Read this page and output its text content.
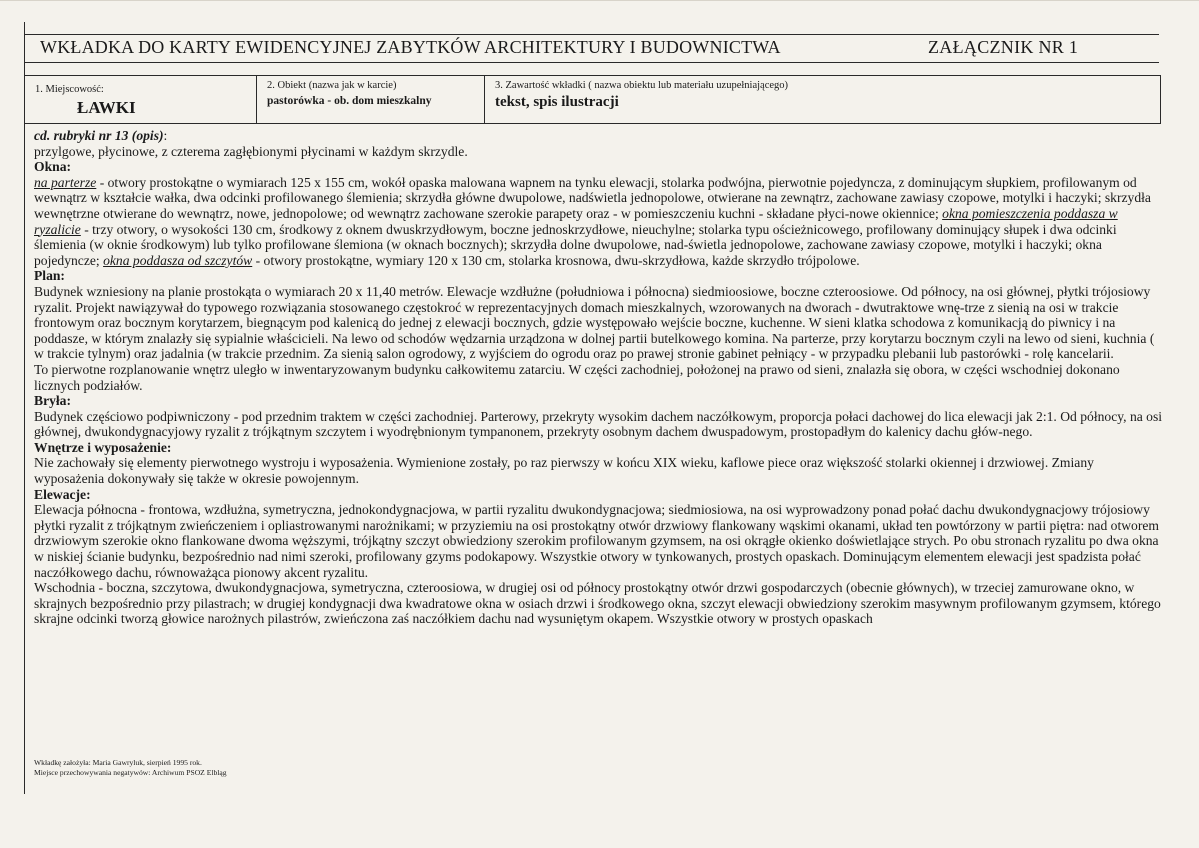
WKŁADKA DO KARTY EWIDENCYJNEJ ZABYTKÓW ARCHITEKTURY I BUDOWNICTWA	ZAŁĄCZNIK NR 1
1. Miejscowość:
ŁAWKI
2. Obiekt (nazwa jak w karcie)
pastorówka - ob. dom mieszkalny
3. Zawartość wkładki ( nazwa obiektu lub materiału uzupełniającego)
tekst, spis ilustracji

cd. rubryki nr 13 (opis):

przylgowe, płycinowe, z czterema zagłębionymi płycinami w każdym skrzydle.

Okna:

na parterze - otwory prostokątne o wymiarach 125 x 155 cm, wokół opaska malowana wapnem na tynku elewacji, stolarka podwójna, pierwotnie pojedyncza, z dominującym słupkiem, profilowanym od wewnątrz w kształcie wałka, dwa odcinki profilowanego ślemienia; skrzydła główne dwupolowe, nadświetla jednopolowe, otwierane na zewnątrz, zachowane zawiasy czopowe, motylki i haczyki; skrzydła wewnętrzne otwierane do wewnątrz, nowe, jednopolowe; od wewnątrz zachowane szerokie parapety oraz - w pomieszczeniu kuchni - składane płyci-nowe okiennice; okna pomieszczenia poddasza w ryzalicie - trzy otwory, o wysokości 130 cm, środkowy z oknem dwuskrzydłowym, boczne jednoskrzydłowe, nieuchylne; stolarka typu ościeżnicowego, profilowany dominujący słupek i dwa odcinki ślemienia (w oknie środkowym) lub tylko profilowane ślemiona (w oknach bocznych); skrzydła dolne dwupolowe, nad-świetla jednopolowe, zachowane zawiasy czopowe, motylki i haczyki; okna pojedyncze; okna poddasza od szczytów - otwory prostokątne, wymiary 120 x 130 cm, stolarka krosnowa, dwu-skrzydłowa, każde skrzydło trójpolowe.

Plan:

Budynek wzniesiony na planie prostokąta o wymiarach 20 x 11,40 metrów. Elewacje wzdłużne (południowa i północna) siedmioosiowe, boczne czteroosiowe. Od północy, na osi głównej, płytki trójosiowy ryzalit. Projekt nawiązywał do typowego rozwiązania stosowanego częstokroć w reprezentacyjnych domach mieszkalnych, wzorowanych na dworach - dwutraktowe wnę-trze z sienią na osi w trakcie frontowym oraz bocznym korytarzem, biegnącym pod kalenicą do jednej z elewacji bocznych, gdzie występowało wejście boczne, kuchenne. W sieni klatka schodowa z komunikacją do piwnicy i na poddasze, w którym znalazły się sypialnie właścicieli. Na lewo od schodów wędzarnia urządzona w dolnej partii butelkowego komina. Na parterze, przy korytarzu bocznym czyli na lewo od sieni, kuchnia ( w trakcie tylnym) oraz jadalnia (w trakcie przednim. Za sienią salon ogrodowy, z wyjściem do ogrodu oraz po prawej stronie gabinet pełniący - w przypadku plebanii lub pastorówki - rolę kancelarii.

To pierwotne rozplanowanie wnętrz uległo w inwentaryzowanym budynku całkowitemu zatarciu. W części zachodniej, położonej na prawo od sieni, znalazła się obora, w części wschodniej dokonano licznych podziałów.

Bryła:

Budynek częściowo podpiwniczony - pod przednim traktem w części zachodniej. Parterowy, przekryty wysokim dachem naczółkowym, proporcja połaci dachowej do lica elewacji jak 2:1. Od północy, na osi głównej, dwukondygnacyjowy ryzalit z trójkątnym szczytem i wyodrębnionym tympanonem, przekryty osobnym dachem dwuspadowym, prostopadłym do kalenicy dachu głów-nego.

Wnętrze i wyposażenie:

Nie zachowały się elementy pierwotnego wystroju i wyposażenia. Wymienione zostały, po raz pierwszy w końcu XIX wieku, kaflowe piece oraz większość stolarki okiennej i drzwiowej. Zmiany wyposażenia dokonywały się także w okresie powojennym.

Elewacje:

Elewacja północna - frontowa, wzdłużna, symetryczna, jednokondygnacjowa, w partii ryzalitu dwukondygnacjowa; siedmiosiowa, na osi wyprowadzony ponad połać dachu dwukondygnacjowy trójosiowy płytki ryzalit z trójkątnym zwieńczeniem i opliastrowanymi narożnikami; w przyziemiu na osi prostokątny otwór drzwiowy flankowany wąskimi okanami, układ ten powtórzony w partii piętra: nad otworem drzwiowym szerokie okno flankowane dwoma węższymi, trójkątny szczyt obwiedziony szerokim profilowanym gzymsem, na osi okrągłe okienko doświetlające strych. Po obu stronach ryzalitu po dwa okna w niskiej ścianie budynku, bezpośrednio nad nimi szeroki, profilowany gzyms podokapowy. Wszystkie otwory w tynkowanych, prostych opaskach. Dominującym elementem elewacji jest spadzista połać naczółkowego dachu, równoważąca pionowy akcent ryzalitu.

Wschodnia - boczna, szczytowa, dwukondygnacjowa, symetryczna, czteroosiowa, w drugiej osi od północy prostokątny otwór drzwi gospodarczych (obecnie głównych), w trzeciej zamurowane okno, w skrajnych bezpośrednio przy pilastrach; w drugiej kondygnacji dwa kwadratowe okna w osiach drzwi i środkowego okna, szczyt elewacji obwiedziony szerokim masywnym profilowanym gzymsem, którego skrajne odcinki tworzą głowice narożnych pilastrów, zwieńczona zaś naczółkiem dachu nad wysuniętym okapem. Wszystkie otwory w prostych opaskach

Wkładkę założyła: Maria Gawryluk, sierpień 1995 rok.
Miejsce przechowywania negatywów: Archiwum PSOZ Elbląg
